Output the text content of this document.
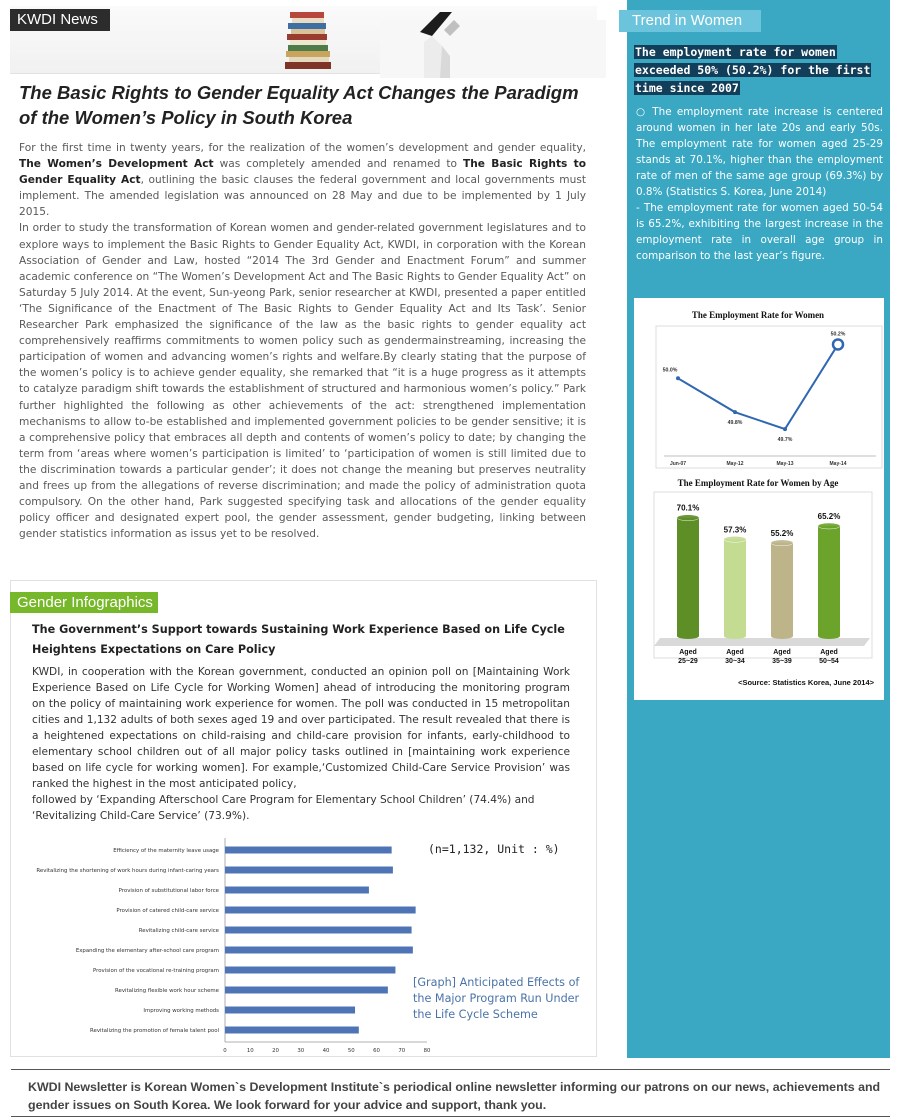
KWDI News
The Basic Rights to Gender Equality Act Changes the Paradigm of the Women’s Policy in South Korea
For the first time in twenty years, for the realization of the women’s development and gender equality, The Women’s Development Act was completely amended and renamed to The Basic Rights to Gender Equality Act, outlining the basic clauses the federal government and local governments must implement. The amended legislation was announced on 28 May and due to be implemented by 1 July 2015.
In order to study the transformation of Korean women and gender-related government legislatures and to explore ways to implement the Basic Rights to Gender Equality Act, KWDI, in corporation with the Korean Association of Gender and Law, hosted “2014 The 3rd Gender and Enactment Forum” and summer academic conference on “The Women’s Development Act and The Basic Rights to Gender Equality Act” on Saturday 5 July 2014. At the event, Sun-yeong Park, senior researcher at KWDI, presented a paper entitled ‘The Significance of the Enactment of The Basic Rights to Gender Equality Act and Its Task’. Senior Researcher Park emphasized the significance of the law as the basic rights to gender equality act comprehensively reaffirms commitments to women policy such as gendermainstreaming, increasing the participation of women and advancing women’s rights and welfare.By clearly stating that the purpose of the women’s policy is to achieve gender equality, she remarked that “it is a huge progress as it attempts to catalyze paradigm shift towards the establishment of structured and harmonious women’s policy.” Park further highlighted the following as other achievements of the act: strengthened implementation mechanisms to allow to-be established and implemented government policies to be gender sensitive; it is a comprehensive policy that embraces all depth and contents of women’s policy to date; by changing the term from ‘areas where women’s participation is limited’ to ‘participation of women is still limited due to the discrimination towards a particular gender’; it does not change the meaning but preserves neutrality and frees up from the allegations of reverse discrimination; and made the policy of administration quota compulsory. On the other hand, Park suggested specifying task and allocations of the gender equality policy officer and designated expert pool, the gender assessment, gender budgeting, linking between gender statistics information as issus yet to be resolved.
Gender Infographics
The Government’s Support towards Sustaining Work Experience Based on Life Cycle Heightens Expectations on Care Policy
KWDI, in cooperation with the Korean government, conducted an opinion poll on [Maintaining Work Experience Based on Life Cycle for Working Women] ahead of introducing the monitoring program on the policy of maintaining work experience for women. The poll was conducted in 15 metropolitan cities and 1,132 adults of both sexes aged 19 and over participated. The result revealed that there is a heightened expectations on child-raising and child-care provision for infants, early-childhood to elementary school children out of all major policy tasks outlined in [maintaining work experience based on life cycle for working women]. For example,‘Customized Child-Care Service Provision’ was ranked the highest in the most anticipated policy,
followed by ‘Expanding Afterschool Care Program for Elementary School Children’ (74.4%) and ‘Revitalizing Child-Care Service’ (73.9%).
Efficiency of the maternity leave usage
Revitalizing the shortening of work hours during infant-caring years
Provision of substitutional labor force
Provision of catered child-care service
Revitalizing child-care service
Expanding the elementary after-school care program
Provision of the vocational re-training program
Revitalizing flexible work hour scheme
Improving working methods
Revitalizing the promotion of female talent pool
0	10	20	30	40	50	60	70	80
(n=1,132, Unit : %)
[Graph] Anticipated Effects of the Major Program Run Under the Life Cycle Scheme
Trend in Women
The employment rate for women
exceeded 50% (50.2%) for the first
time since 2007
○ The employment rate increase is centered around women in her late 20s and early 50s. The employment rate for women aged 25-29 stands at 70.1%, higher than the employment rate of men of the same age group (69.3%) by 0.8% (Statistics S. Korea, June 2014)
- The employment rate for women aged 50-54 is 65.2%, exhibiting the largest increase in the employment rate in overall age group in comparison to the last year’s figure.
The Employment Rate for Women
50.0%
Jun-07
49.8%
May-12
49.7%
May-13
50.2%
May-14
The Employment Rate for Women by Age
70.1%
Aged
25~29
57.3%
Aged
30~34
55.2%
Aged
35~39
65.2%
Aged
50~54
<Source: Statistics Korea, June 2014>
KWDI Newsletter is Korean Women`s Development Institute`s periodical online newsletter informing our patrons on our news, achievements and gender issues on South Korea. We look forward for your advice and support, thank you.
